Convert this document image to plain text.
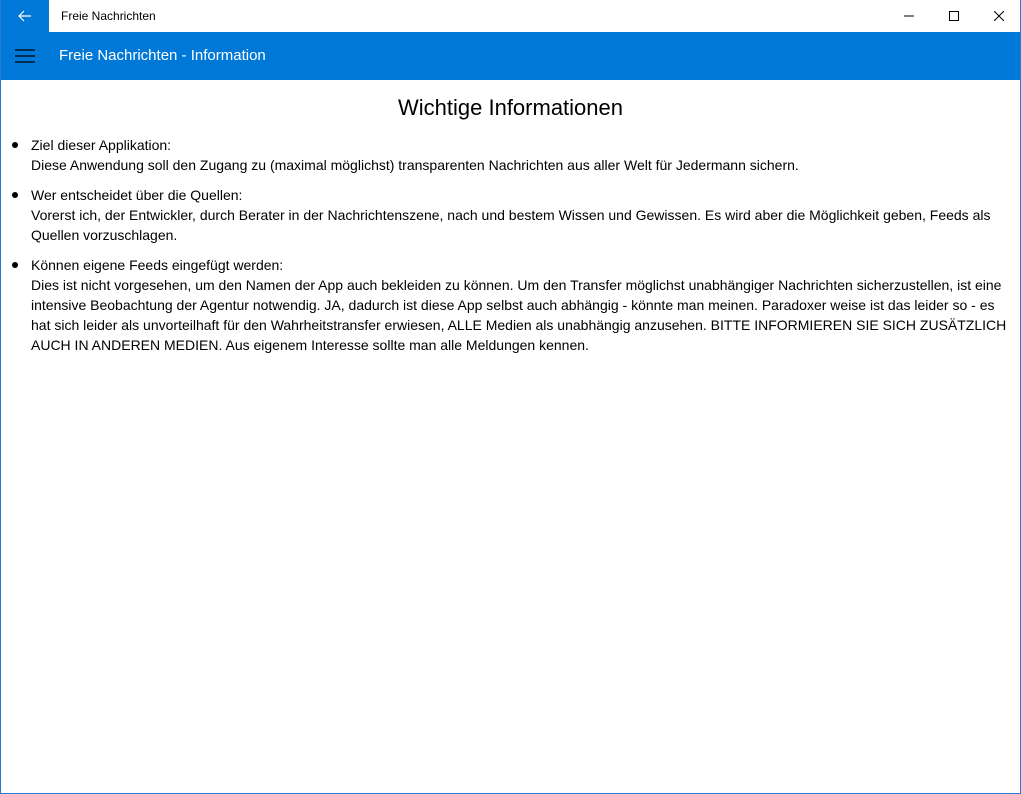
Freie Nachrichten
Freie Nachrichten - Information
Wichtige Informationen
Ziel dieser Applikation:
Diese Anwendung soll den Zugang zu (maximal möglichst) transparenten Nachrichten aus aller Welt für Jedermann sichern.
Wer entscheidet über die Quellen:
Vorerst ich, der Entwickler, durch Berater in der Nachrichtenszene, nach und bestem Wissen und Gewissen. Es wird aber die Möglichkeit geben, Feeds als Quellen vorzuschlagen.
Können eigene Feeds eingefügt werden:
Dies ist nicht vorgesehen, um den Namen der App auch bekleiden zu können. Um den Transfer möglichst unabhängiger Nachrichten sicherzustellen, ist eine intensive Beobachtung der Agentur notwendig. JA, dadurch ist diese App selbst auch abhängig - könnte man meinen. Paradoxer weise ist das leider so - es hat sich leider als unvorteilhaft für den Wahrheitstransfer erwiesen, ALLE Medien als unabhängig anzusehen. BITTE INFORMIEREN SIE SICH ZUSÄTZLICH AUCH IN ANDEREN MEDIEN. Aus eigenem Interesse sollte man alle Meldungen kennen.
